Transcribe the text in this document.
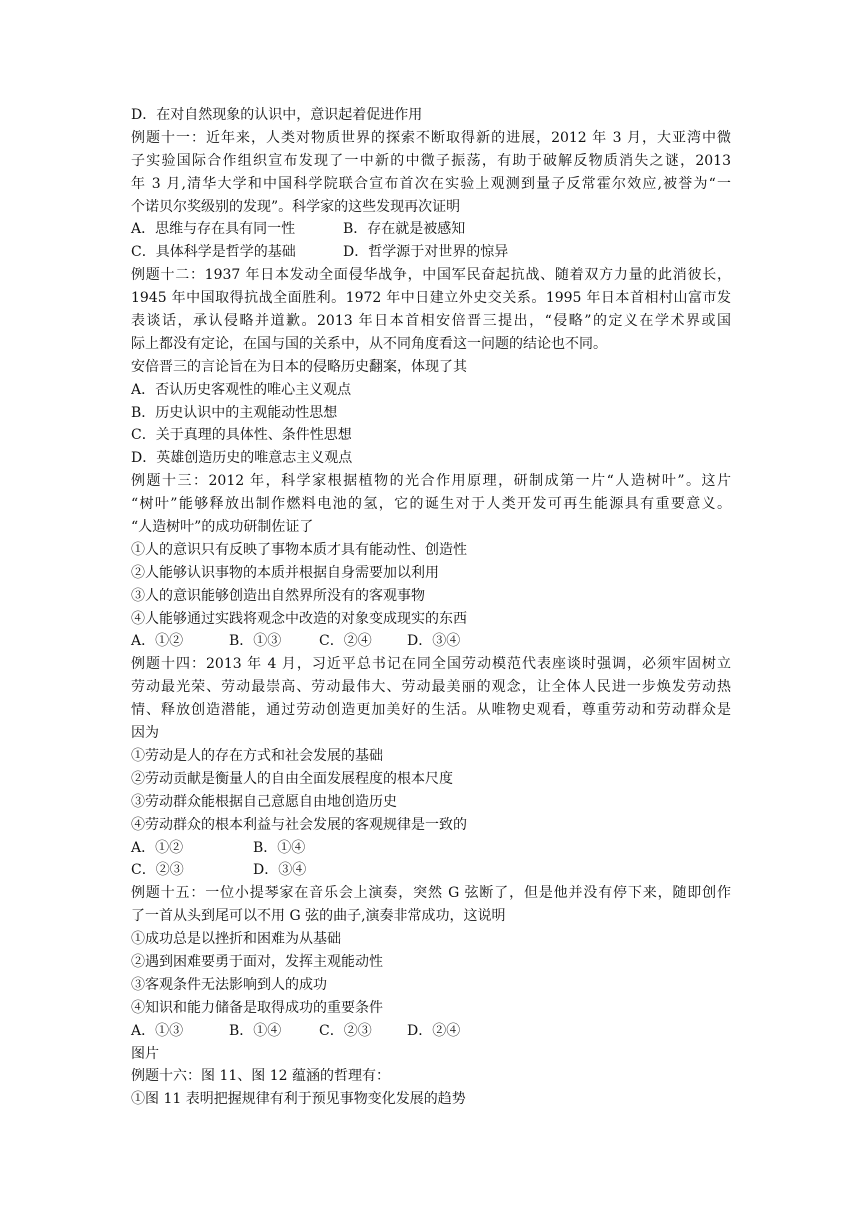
D．在对自然现象的认识中，意识起着促进作用
例题十一：近年来，人类对物质世界的探索不断取得新的进展，2012 年 3 月，大亚湾中微
子实验国际合作组织宣布发现了一中新的中微子振荡，有助于破解反物质消失之谜，2013
年 3 月,清华大学和中国科学院联合宣布首次在实验上观测到量子反常霍尔效应,被誉为“一
个诺贝尔奖级别的发现”。科学家的这些发现再次证明
A．思维与存在具有同一性	B．存在就是被感知
C．具体科学是哲学的基础	D．哲学源于对世界的惊异
例题十二：1937 年日本发动全面侵华战争，中国军民奋起抗战、随着双方力量的此消彼长，
1945 年中国取得抗战全面胜利。1972 年中日建立外史交关系。1995 年日本首相村山富市发
表谈话，承认侵略并道歉。2013 年日本首相安倍晋三提出，“侵略”的定义在学术界或国
际上都没有定论，在国与国的关系中，从不同角度看这一问题的结论也不同。
安倍晋三的言论旨在为日本的侵略历史翻案，体现了其
A．否认历史客观性的唯心主义观点
B．历史认识中的主观能动性思想
C．关于真理的具体性、条件性思想
D．英雄创造历史的唯意志主义观点
例题十三：2012 年，科学家根据植物的光合作用原理，研制成第一片“人造树叶”。这片
“树叶”能够释放出制作燃料电池的氢，它的诞生对于人类开发可再生能源具有重要意义。
“人造树叶”的成功研制佐证了
①人的意识只有反映了事物本质才具有能动性、创造性
②人能够认识事物的本质并根据自身需要加以利用
③人的意识能够创造出自然界所没有的客观事物
④人能够通过实践将观念中改造的对象变成现实的东西
A．①②	B．①③	C．②④	D．③④
例题十四：2013 年 4 月，习近平总书记在同全国劳动模范代表座谈时强调，必须牢固树立
劳动最光荣、劳动最崇高、劳动最伟大、劳动最美丽的观念，让全体人民进一步焕发劳动热
情、释放创造潜能，通过劳动创造更加美好的生活。从唯物史观看，尊重劳动和劳动群众是
因为
①劳动是人的存在方式和社会发展的基础
②劳动贡献是衡量人的自由全面发展程度的根本尺度
③劳动群众能根据自己意愿自由地创造历史
④劳动群众的根本利益与社会发展的客观规律是一致的
A．①②	B．①④
C．②③	D．③④
例题十五：一位小提琴家在音乐会上演奏，突然 G 弦断了，但是他并没有停下来，随即创作
了一首从头到尾可以不用 G 弦的曲子,演奏非常成功，这说明
①成功总是以挫折和困难为从基础
②遇到困难要勇于面对，发挥主观能动性
③客观条件无法影响到人的成功
④知识和能力储备是取得成功的重要条件
A．①③	B．①④	C．②③	D．②④
图片
例题十六：图 11、图 12 蕴涵的哲理有：
①图 11 表明把握规律有利于预见事物变化发展的趋势
